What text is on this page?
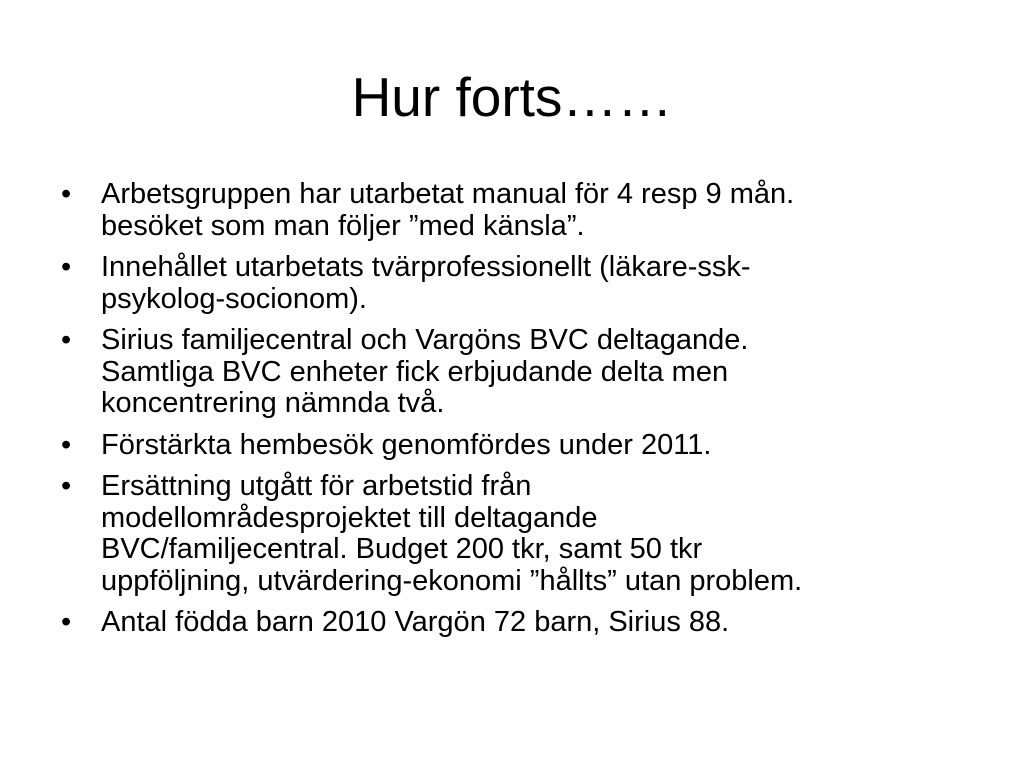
Hur forts……
•	Arbetsgruppen har utarbetat manual för 4 resp 9 mån.
besöket som man följer ”med känsla”.
•	Innehållet utarbetats tvärprofessionellt (läkare-ssk-
psykolog-socionom).
•	Sirius familjecentral och Vargöns BVC deltagande.
Samtliga BVC enheter fick erbjudande delta men
koncentrering nämnda två.
•	Förstärkta hembesök genomfördes under 2011.
•	Ersättning utgått för arbetstid från
modellområdesprojektet till deltagande
BVC/familjecentral. Budget 200 tkr, samt 50 tkr
uppföljning, utvärdering-ekonomi ”hållts” utan problem.
•	Antal födda barn 2010 Vargön 72 barn, Sirius 88.
